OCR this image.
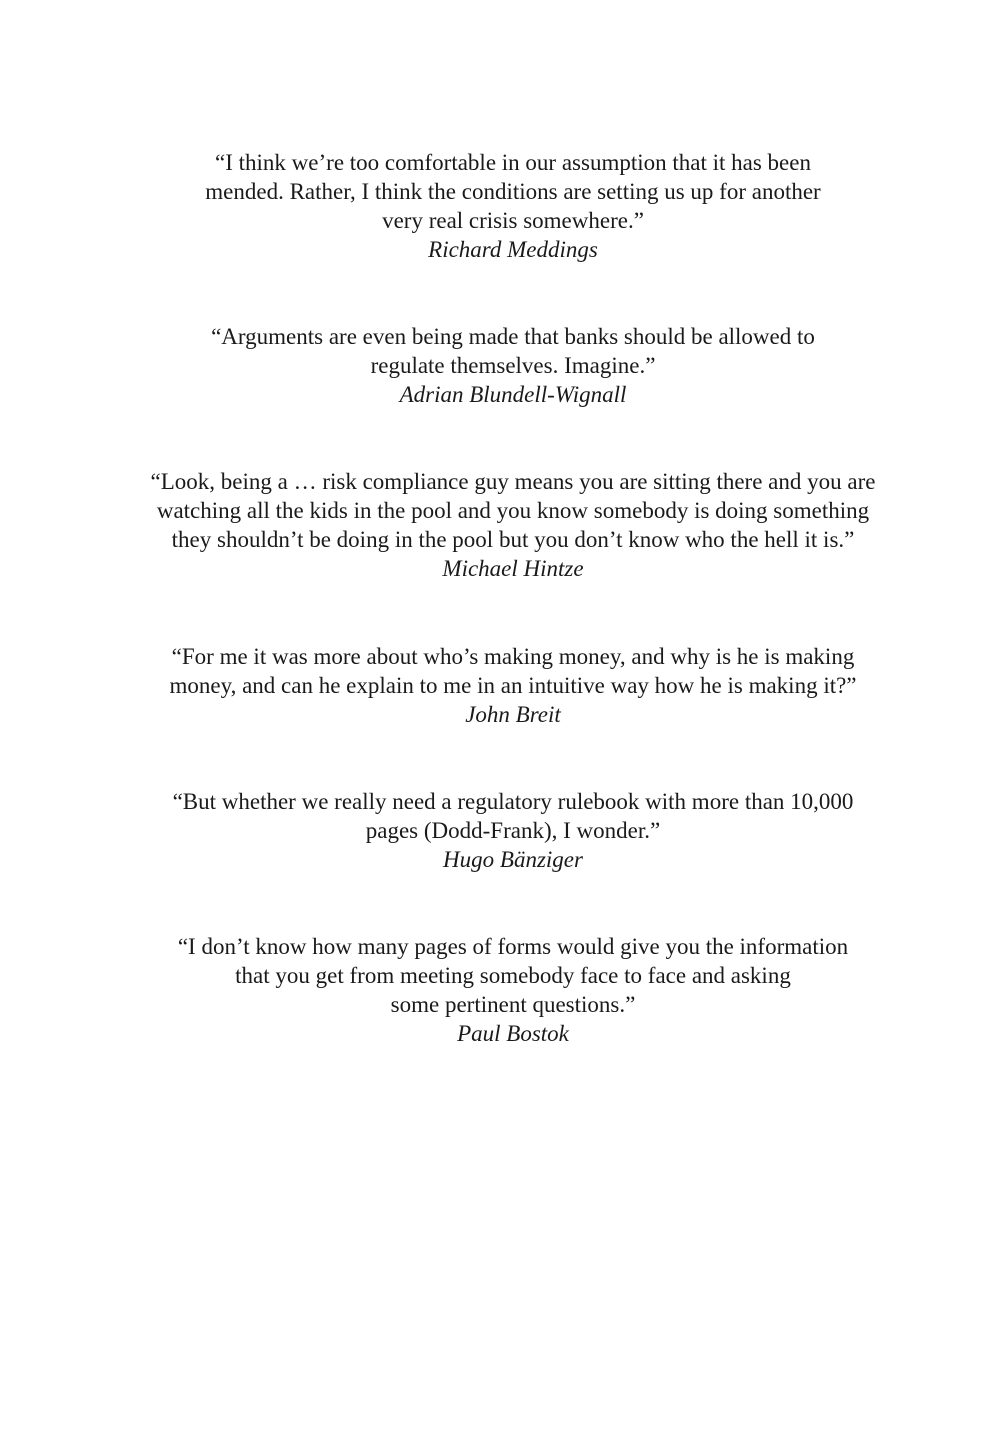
“I think we’re too comfortable in our assumption that it has been
mended. Rather, I think the conditions are setting us up for another
very real crisis somewhere.”
Richard Meddings
“Arguments are even being made that banks should be allowed to
regulate themselves. Imagine.”
Adrian Blundell-Wignall
“Look, being a … risk compliance guy means you are sitting there and you are
watching all the kids in the pool and you know somebody is doing something
they shouldn’t be doing in the pool but you don’t know who the hell it is.”
Michael Hintze
“For me it was more about who’s making money, and why is he is making
money, and can he explain to me in an intuitive way how he is making it?”
John Breit
“But whether we really need a regulatory rulebook with more than 10,000
pages (Dodd-Frank), I wonder.”
Hugo Bänziger
“I don’t know how many pages of forms would give you the information
that you get from meeting somebody face to face and asking
some pertinent questions.”
Paul Bostok
